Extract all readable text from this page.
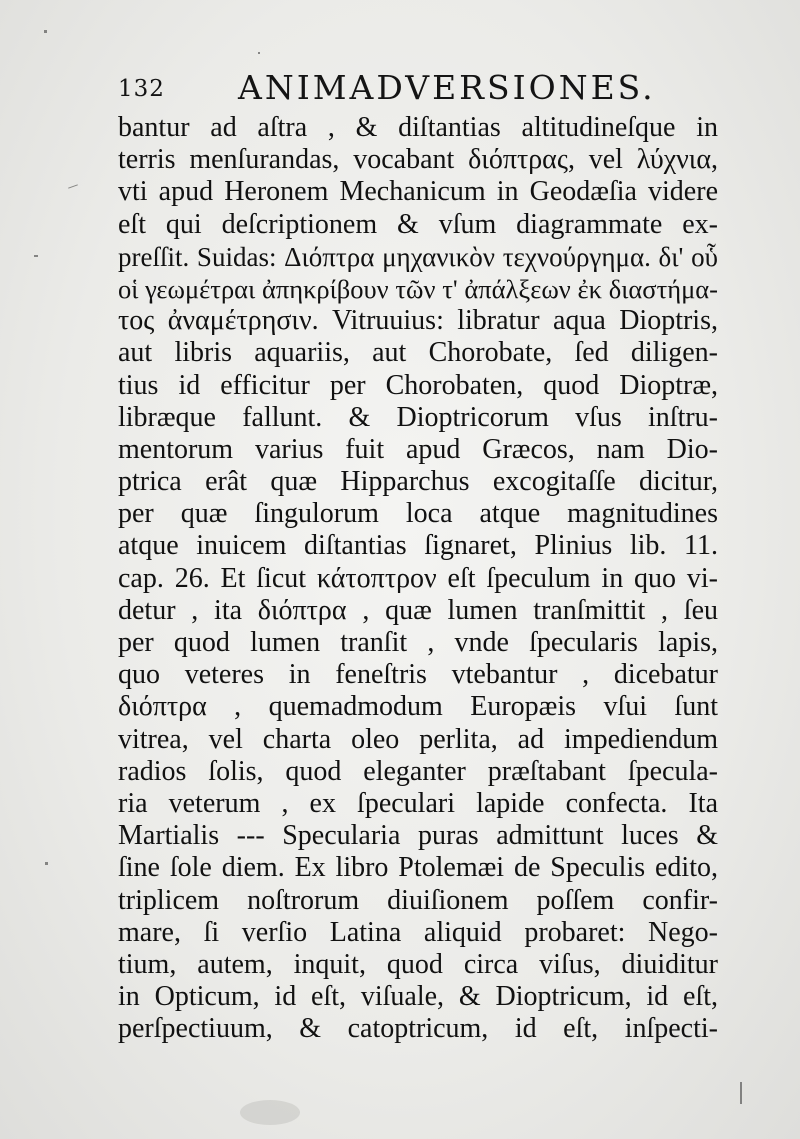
132 ANIMADVERSIONES.
bantur ad aſtra , & diſtantias altitudineſque in
terris menſurandas, vocabant διόπτρας, vel λύχνια,
vti apud Heronem Mechanicum in Geodæſia videre
eſt qui deſcriptionem & vſum diagrammate ex-
preſſit. Suidas: Διόπτρα μηχανικὸν τεχνούργημα. δι' οὗ
οἱ γεωμέτραι ἀπηκρίβουν τῶν τ' ἀπάλξεων ἐκ διαστήμα-
τος ἀναμέτρησιν. Vitruuius: libratur aqua Dioptris,
aut libris aquariis, aut Chorobate, ſed diligen-
tius id efficitur per Chorobaten, quod Dioptræ,
libræque fallunt. & Dioptricorum vſus inſtru-
mentorum varius fuit apud Græcos, nam Dio-
ptrica erât quæ Hipparchus excogitaſſe dicitur,
per quæ ſingulorum loca atque magnitudines
atque inuicem diſtantias ſignaret, Plinius lib. 11.
cap. 26. Et ſicut κάτοπτρον eſt ſpeculum in quo vi-
detur , ita διόπτρα , quæ lumen tranſmittit , ſeu
per quod lumen tranſit , vnde ſpecularis lapis,
quo veteres in feneſtris vtebantur , dicebatur
διόπτρα , quemadmodum Europæis vſui ſunt
vitrea, vel charta oleo perlita, ad impediendum
radios ſolis, quod eleganter præſtabant ſpecula-
ria veterum , ex ſpeculari lapide confecta. Ita
Martialis --- Specularia puras admittunt luces &
ſine ſole diem. Ex libro Ptolemæi de Speculis edito,
triplicem noſtrorum diuiſionem poſſem confir-
mare, ſi verſio Latina aliquid probaret: Nego-
tium, autem, inquit, quod circa viſus, diuiditur
in Opticum, id eſt, viſuale, & Dioptricum, id eſt,
perſpectiuum, & catoptricum, id eſt, inſpecti-
